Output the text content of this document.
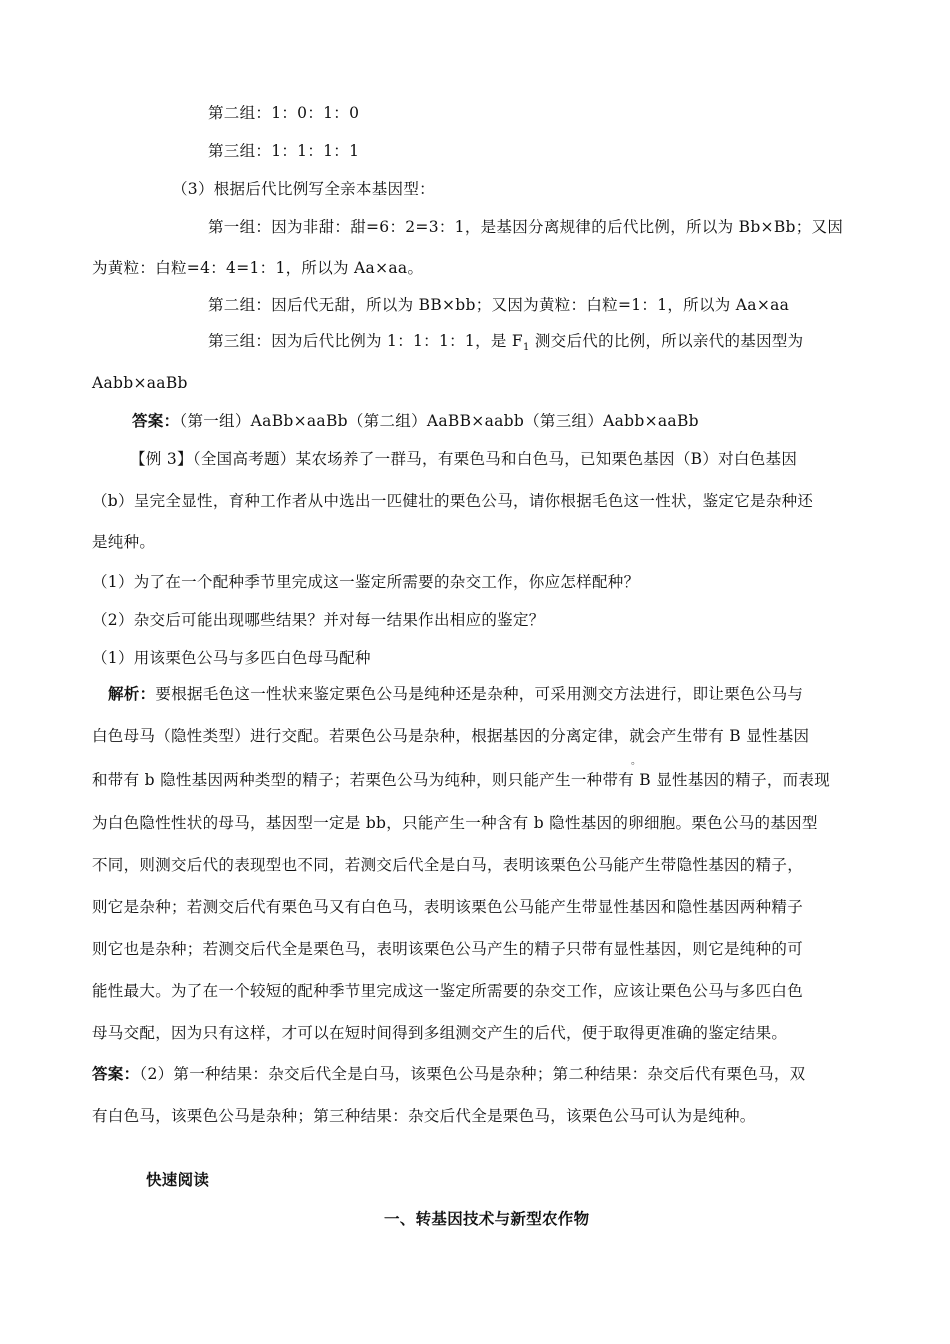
第二组：1：0：1：0
第三组：1：1：1：1
（3）根据后代比例写全亲本基因型：
第一组：因为非甜：甜=6：2=3：1，是基因分离规律的后代比例，所以为 Bb×Bb；又因
为黄粒：白粒=4：4=1：1，所以为 Aa×aa。
第二组：因后代无甜，所以为 BB×bb；又因为黄粒：白粒=1：1，所以为 Aa×aa
第三组：因为后代比例为 1：1：1：1，是 $F_1$ 测交后代的比例，所以亲代的基因型为
Aabb×aaBb
答案：（第一组）AaBb×aaBb（第二组）AaBB×aabb（第三组）Aabb×aaBb
【例 3】（全国高考题）某农场养了一群马，有栗色马和白色马，已知栗色基因（B）对白色基因
（b）呈完全显性，育种工作者从中选出一匹健壮的栗色公马，请你根据毛色这一性状，鉴定它是杂种还
是纯种。
（1）为了在一个配种季节里完成这一鉴定所需要的杂交工作，你应怎样配种？
（2）杂交后可能出现哪些结果？并对每一结果作出相应的鉴定？
（1）用该栗色公马与多匹白色母马配种
解析：要根据毛色这一性状来鉴定栗色公马是纯种还是杂种，可采用测交方法进行，即让栗色公马与
白色母马（隐性类型）进行交配。若栗色公马是杂种，根据基因的分离定律，就会产生带有 B 显性基因
。
和带有 b 隐性基因两种类型的精子；若栗色公马为纯种，则只能产生一种带有 B 显性基因的精子，而表现
为白色隐性性状的母马，基因型一定是 bb，只能产生一种含有 b 隐性基因的卵细胞。栗色公马的基因型
不同，则测交后代的表现型也不同，若测交后代全是白马，表明该栗色公马能产生带隐性基因的精子，
则它是杂种；若测交后代有栗色马又有白色马，表明该栗色公马能产生带显性基因和隐性基因两种精子
则它也是杂种；若测交后代全是栗色马，表明该栗色公马产生的精子只带有显性基因，则它是纯种的可
能性最大。为了在一个较短的配种季节里完成这一鉴定所需要的杂交工作，应该让栗色公马与多匹白色
母马交配，因为只有这样，才可以在短时间得到多组测交产生的后代，便于取得更准确的鉴定结果。
答案：（2）第一种结果：杂交后代全是白马，该栗色公马是杂种；第二种结果：杂交后代有栗色马，双
有白色马，该栗色公马是杂种；第三种结果：杂交后代全是栗色马，该栗色公马可认为是纯种。
快速阅读
一、转基因技术与新型农作物
